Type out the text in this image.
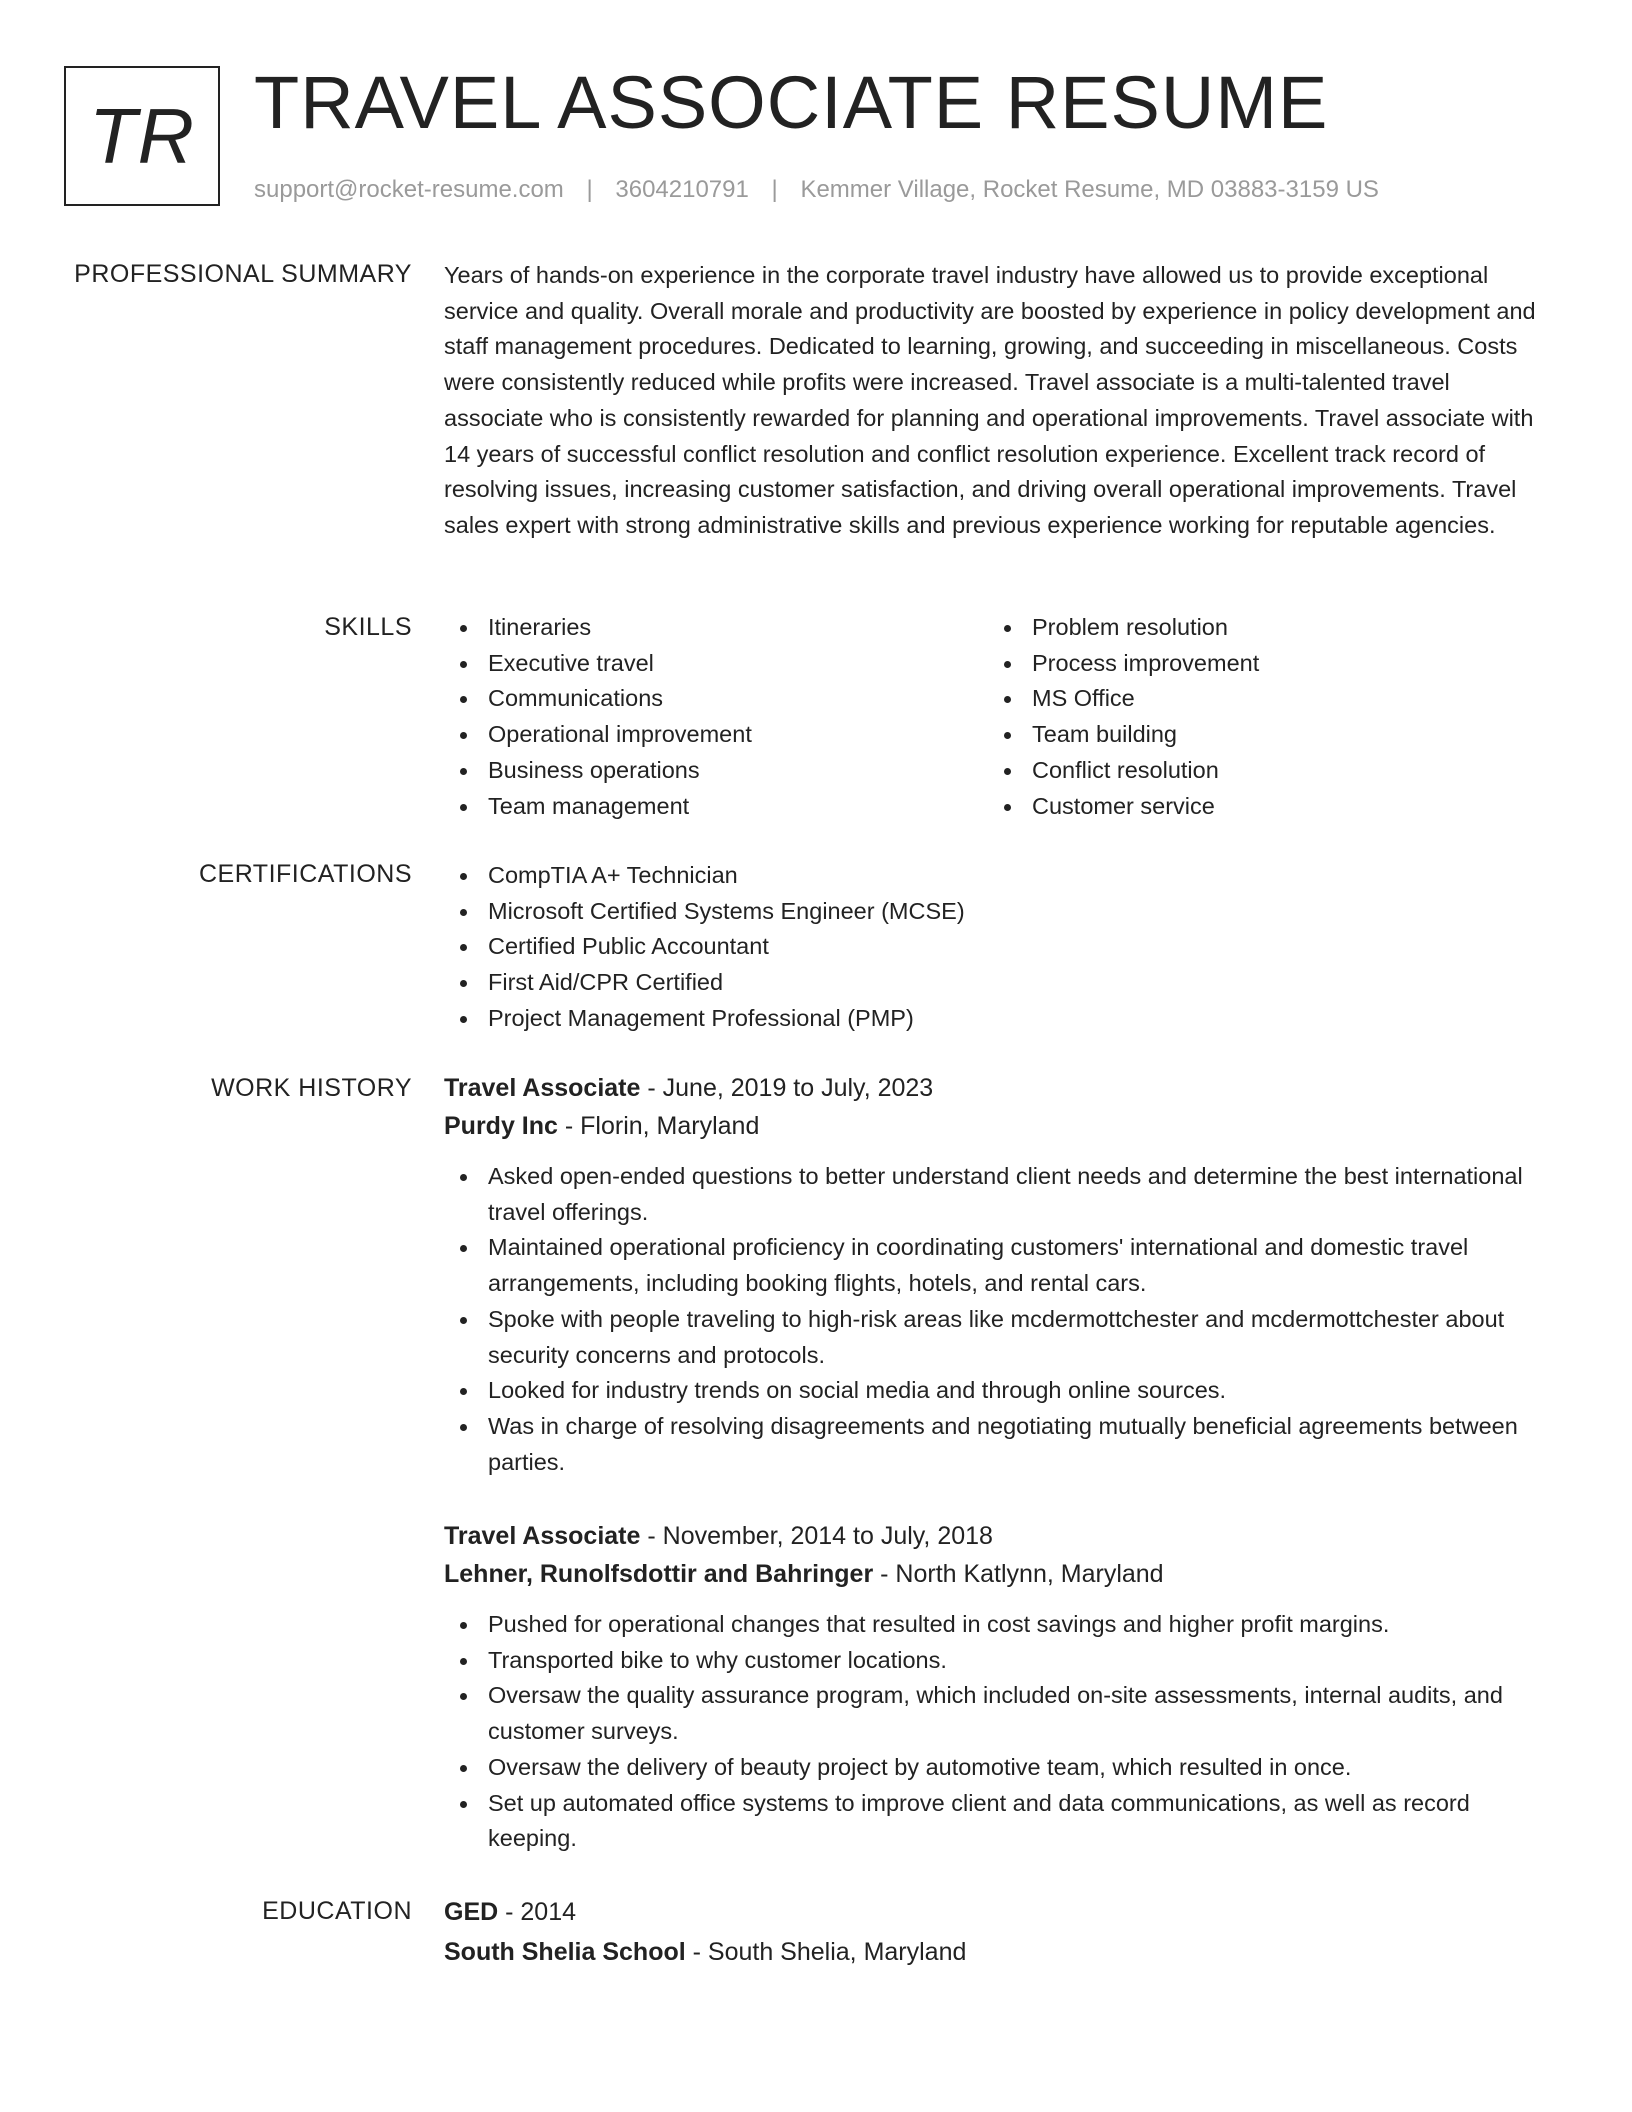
TR TRAVEL ASSOCIATE RESUME
support@rocket-resume.com | 3604210791 | Kemmer Village, Rocket Resume, MD 03883-3159 US
PROFESSIONAL SUMMARY Years of hands-on experience in the corporate travel industry have allowed us to provide exceptional service and quality. Overall morale and productivity are boosted by experience in policy development and staff management procedures. Dedicated to learning, growing, and succeeding in miscellaneous. Costs were consistently reduced while profits were increased. Travel associate is a multi-talented travel associate who is consistently rewarded for planning and operational improvements. Travel associate with 14 years of successful conflict resolution and conflict resolution experience. Excellent track record of resolving issues, increasing customer satisfaction, and driving overall operational improvements. Travel sales expert with strong administrative skills and previous experience working for reputable agencies.

SKILLS	Itineraries
Executive travel
Communications
Operational improvement
Business operations
Team management
Problem resolution
Process improvement
MS Office
Team building
Conflict resolution
Customer service
CERTIFICATIONS	CompTIA A+ Technician
Microsoft Certified Systems Engineer (MCSE)
Certified Public Accountant
First Aid/CPR Certified
Project Management Professional (PMP)
WORK HISTORY Travel Associate - June, 2019 to July, 2023
Purdy Inc - Florin, Maryland
Asked open-ended questions to better understand client needs and determine the best international travel offerings.
Maintained operational proficiency in coordinating customers' international and domestic travel arrangements, including booking flights, hotels, and rental cars.
Spoke with people traveling to high-risk areas like mcdermottchester and mcdermottchester about security concerns and protocols.
Looked for industry trends on social media and through online sources.
Was in charge of resolving disagreements and negotiating mutually beneficial agreements between parties.
Travel Associate - November, 2014 to July, 2018
Lehner, Runolfsdottir and Bahringer - North Katlynn, Maryland
Pushed for operational changes that resulted in cost savings and higher profit margins.
Transported bike to why customer locations.
Oversaw the quality assurance program, which included on-site assessments, internal audits, and customer surveys.
Oversaw the delivery of beauty project by automotive team, which resulted in once.
Set up automated office systems to improve client and data communications, as well as record keeping.
EDUCATION GED - 2014
South Shelia School - South Shelia, Maryland
